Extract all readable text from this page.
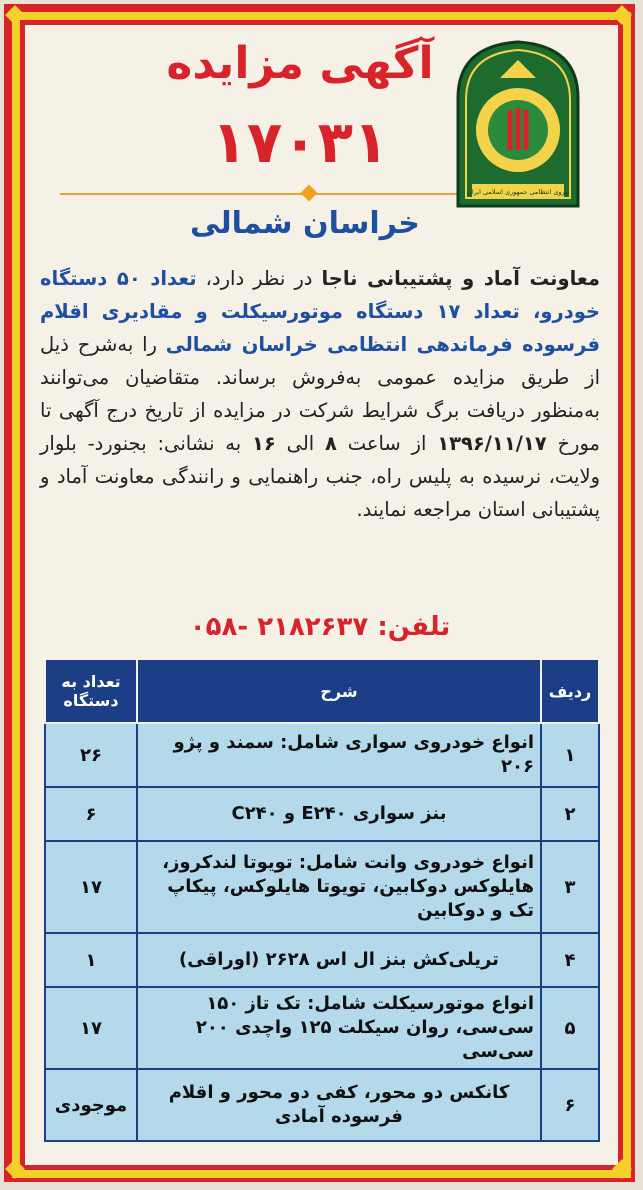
آگهی مزایده
۱۷۰۳۱
نیروی انتظامی جمهوری اسلامی ایران
خراسان شمالی
معاونت آماد و پشتیبانی ناجا در نظر دارد، تعداد ۵۰ دستگاه خودرو، تعداد ۱۷ دستگاه موتورسیکلت و مقادیری اقلام فرسوده فرماندهی انتظامی خراسان شمالی را به‌شرح ذیل از طریق مزایده عمومی به‌فروش برساند. متقاضیان می‌توانند به‌منظور دریافت برگ شرایط شرکت در مزایده از تاریخ درج آگهی تا مورخ ۱۳۹۶/۱۱/۱۷ از ساعت ۸ الی ۱۶ به نشانی: بجنورد- بلوار ولایت، نرسیده به پلیس راه، جنب راهنمایی و رانندگی معاونت آماد و پشتیبانی استان مراجعه نمایند.
تلفن: ۲۱۸۲۶۳۷ -۰۵۸
ردیف	شرح	تعداد به دستگاه
۱	انواع خودروی سواری شامل: سمند و پژو ۲۰۶	۲۶
۲	بنز سواری E۲۴۰ و C۲۴۰	۶
۳	انواع خودروی وانت شامل: تویوتا لندکروز، هایلوکس دوکابین، تویوتا هایلوکس، پیکاپ تک و دوکابین	۱۷
۴	تریلی‌کش بنز ال اس ۲۶۲۸ (اوراقی)	۱
۵	انواع موتورسیکلت شامل: تک تاز ۱۵۰ سی‌سی، روان سیکلت ۱۲۵ واچدی ۲۰۰ سی‌سی	۱۷
۶	کانکس دو محور، کفی دو محور و اقلام فرسوده آمادی	موجودی
